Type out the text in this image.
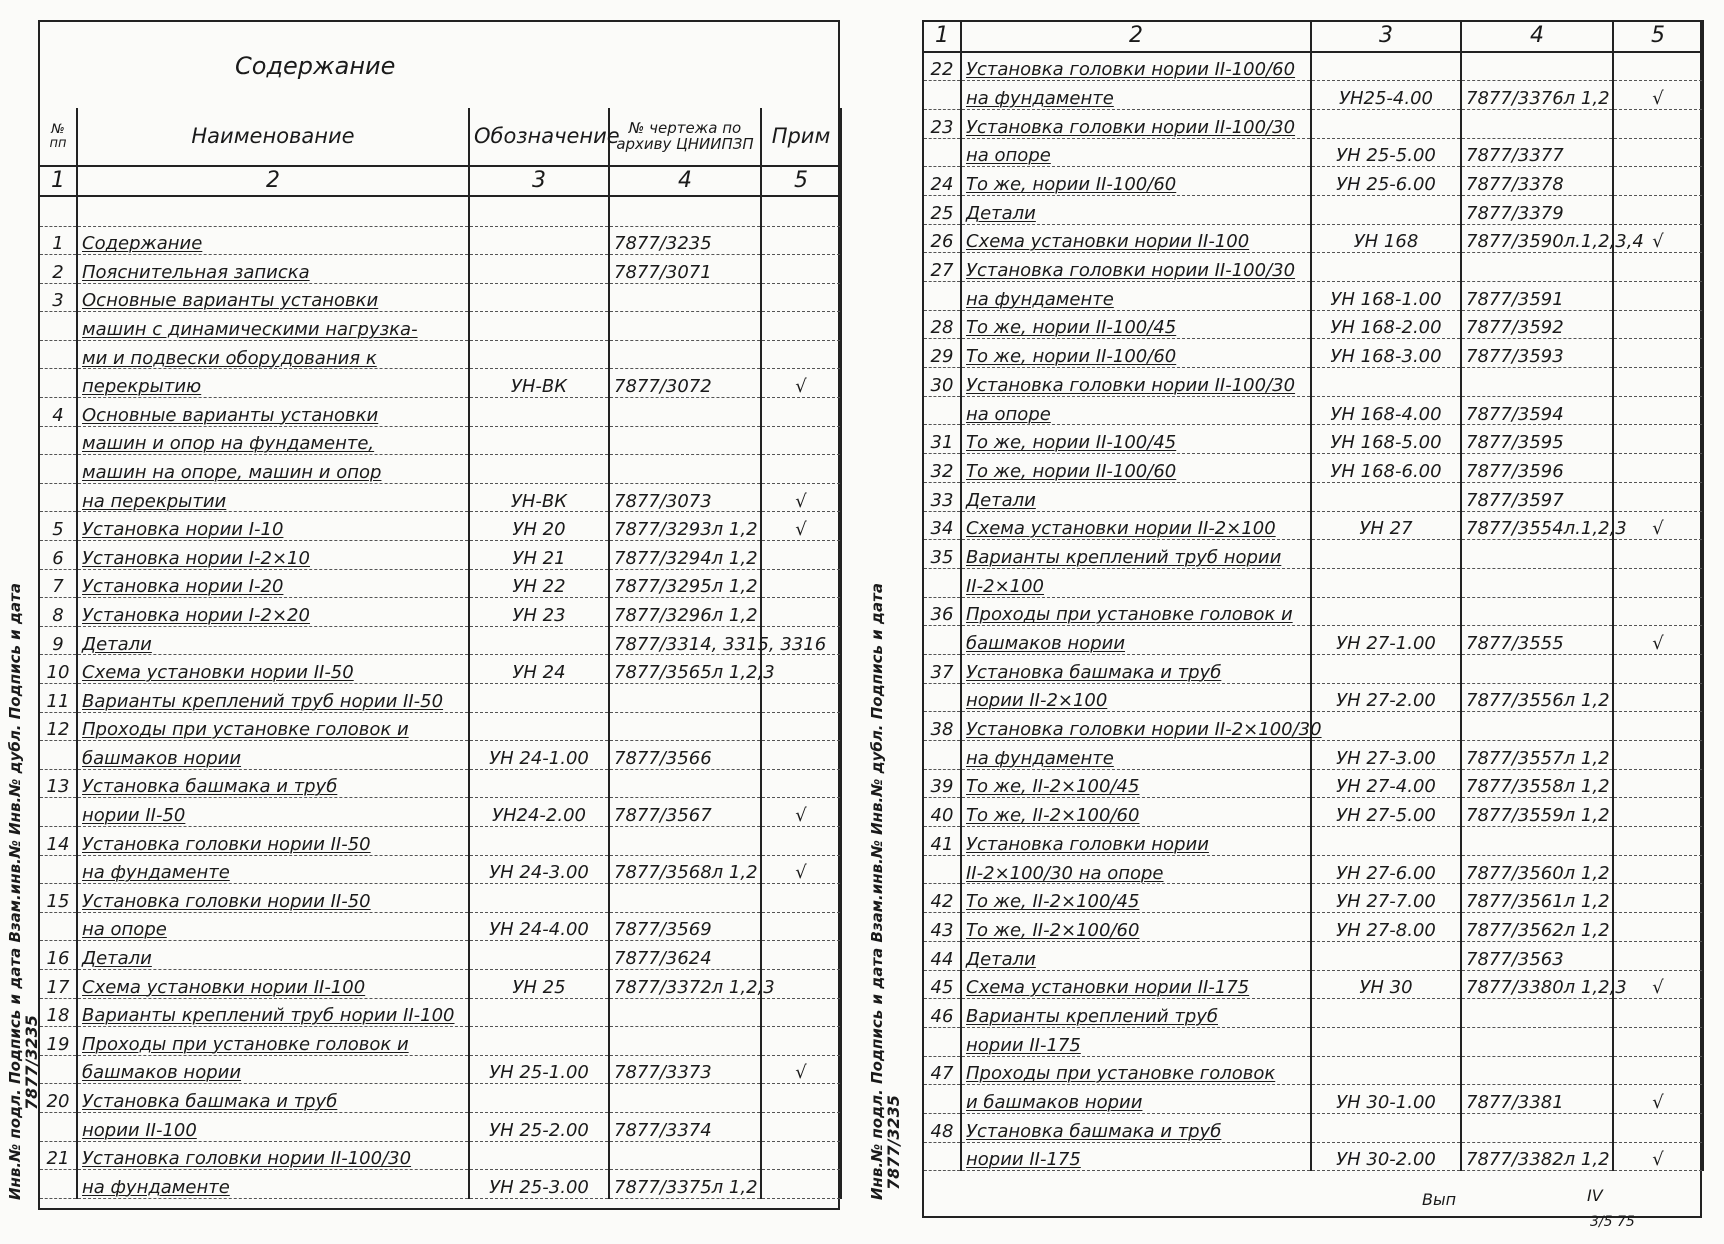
Содержание
№ пп	Наименование	Обозначение	№ чертежа по архиву ЦНИИПЗП	Прим
1	2	3	4	5

1	Содержание		7877/3235	
2	Пояснительная записка		7877/3071	
3	Основные варианты установки			
	машин с динамическими нагрузка-			
	ми и подвески оборудования к			
	перекрытию	УН-ВК	7877/3072	√
4	Основные варианты установки			
	машин и опор на фундаменте,			
	машин на опоре, машин и опор			
	на перекрытии	УН-ВК	7877/3073	√
5	Установка нории I-10	УН 20	7877/3293л 1,2	√
6	Установка нории I-2×10	УН 21	7877/3294л 1,2	
7	Установка нории I-20	УН 22	7877/3295л 1,2	
8	Установка нории I-2×20	УН 23	7877/3296л 1,2	
9	Детали		7877/3314, 3315, 3316	
10	Схема установки нории II-50	УН 24	7877/3565л 1,2,3	
11	Варианты креплений труб нории II-50			
12	Проходы при установке головок и			
	башмаков нории	УН 24-1.00	7877/3566	
13	Установка башмака и труб			
	нории II-50	УН24-2.00	7877/3567	√
14	Установка головки нории II-50			
	на фундаменте	УН 24-3.00	7877/3568л 1,2	√
15	Установка головки нории II-50			
	на опоре	УН 24-4.00	7877/3569	
16	Детали		7877/3624	
17	Схема установки нории II-100	УН 25	7877/3372л 1,2,3	
18	Варианты креплений труб нории II-100			
19	Проходы при установке головок и			
	башмаков нории	УН 25-1.00	7877/3373	√
20	Установка башмака и труб			
	нории II-100	УН 25-2.00	7877/3374	
21	Установка головки нории II-100/30			
	на фундаменте	УН 25-3.00	7877/3375л 1,2	
Инв.№ подл. Подпись и дата Взам.инв.№ Инв.№ дубл. Подпись и дата
7877/3235
1	2	3	4	5
22	Установка головки нории II-100/60			
	на фундаменте	УН25-4.00	7877/3376л 1,2	√
23	Установка головки нории II-100/30			
	на опоре	УН 25-5.00	7877/3377	
24	То же, нории II-100/60	УН 25-6.00	7877/3378	
25	Детали		7877/3379	
26	Схема установки нории II-100	УН 168	7877/3590л.1,2,3,4	√
27	Установка головки нории II-100/30			
	на фундаменте	УН 168-1.00	7877/3591	
28	То же, нории II-100/45	УН 168-2.00	7877/3592	
29	То же, нории II-100/60	УН 168-3.00	7877/3593	
30	Установка головки нории II-100/30			
	на опоре	УН 168-4.00	7877/3594	
31	То же, нории II-100/45	УН 168-5.00	7877/3595	
32	То же, нории II-100/60	УН 168-6.00	7877/3596	
33	Детали		7877/3597	
34	Схема установки нории II-2×100	УН 27	7877/3554л.1,2,3	√
35	Варианты креплений труб нории			
	II-2×100			
36	Проходы при установке головок и			
	башмаков нории	УН 27-1.00	7877/3555	√
37	Установка башмака и труб			
	нории II-2×100	УН 27-2.00	7877/3556л 1,2	
38	Установка головки нории II-2×100/30			
	на фундаменте	УН 27-3.00	7877/3557л 1,2	
39	То же, II-2×100/45	УН 27-4.00	7877/3558л 1,2	
40	То же, II-2×100/60	УН 27-5.00	7877/3559л 1,2	
41	Установка головки нории			
	II-2×100/30 на опоре	УН 27-6.00	7877/3560л 1,2	
42	То же, II-2×100/45	УН 27-7.00	7877/3561л 1,2	
43	То же, II-2×100/60	УН 27-8.00	7877/3562л 1,2	
44	Детали		7877/3563	
45	Схема установки нории II-175	УН 30	7877/3380л 1,2,3	√
46	Варианты креплений труб			
	нории II-175			
47	Проходы при установке головок			
	и башмаков нории	УН 30-1.00	7877/3381	√
48	Установка башмака и труб			
	нории II-175	УН 30-2.00	7877/3382л 1,2	√
Вып	IV
3/5 75
Инв.№ подл. Подпись и дата Взам.инв.№ Инв.№ дубл. Подпись и дата
7877/3235
